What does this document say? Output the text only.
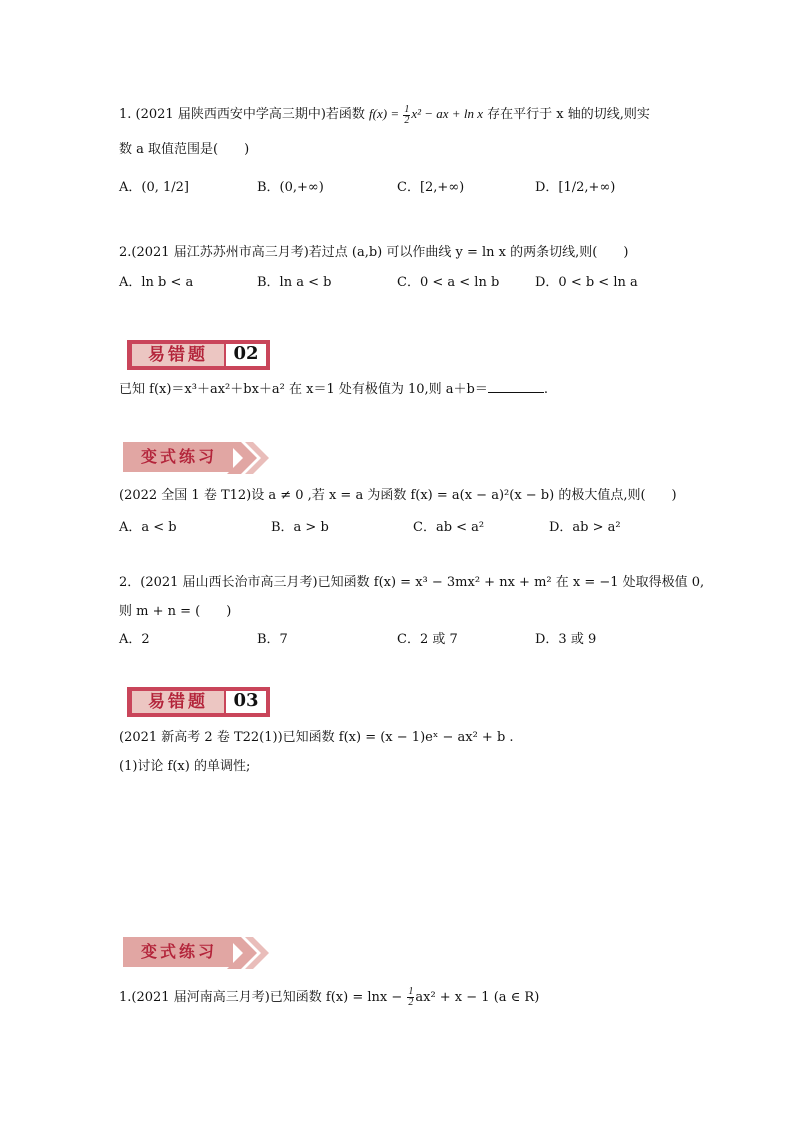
1. (2021 届陕西西安中学高三期中)若函数 $f(x) = \frac{1}{2} x^2$ − ax + ln x 存在平行于 x 轴的切线,则实
数 a 取值范围是(　　)
A．(0, 1/2]	B．(0,+∞)	C．[2,+∞)	D．[1/2,+∞)
2.(2021 届江苏苏州市高三月考)若过点 (a,b) 可以作曲线 y = ln x 的两条切线,则(　　)
A．ln b < a	B．ln a < b	C．0 < a < ln b	D．0 < b < ln a
易错题	02
已知 f(x)＝x³＋ax²＋bx＋a² 在 x＝1 处有极值为 10,则 a＋b＝	.
变式练习
(2022 全国 1 卷 T12)设 a ≠ 0 ,若 x = a 为函数 f(x) = a(x − a)²(x − b) 的极大值点,则(　　)
A．a < b	B．a > b	C．ab < a²	D．ab > a²
2．(2021 届山西长治市高三月考)已知函数 f(x) = x³ − 3mx² + nx + m² 在 x = −1 处取得极值 0,
则 m + n = (　　)
A．2	B．7	C．2 或 7	D．3 或 9
易错题	03
(2021 新高考 2 卷 T22(1))已知函数 f(x) = (x − 1)eˣ − ax² + b .
(1)讨论 f(x) 的单调性;
变式练习
1.(2021 届河南高三月考)已知函数 $f(x) = \ln x - \frac{1}{2} ax^2 + x - 1$ (a ∈ R)
